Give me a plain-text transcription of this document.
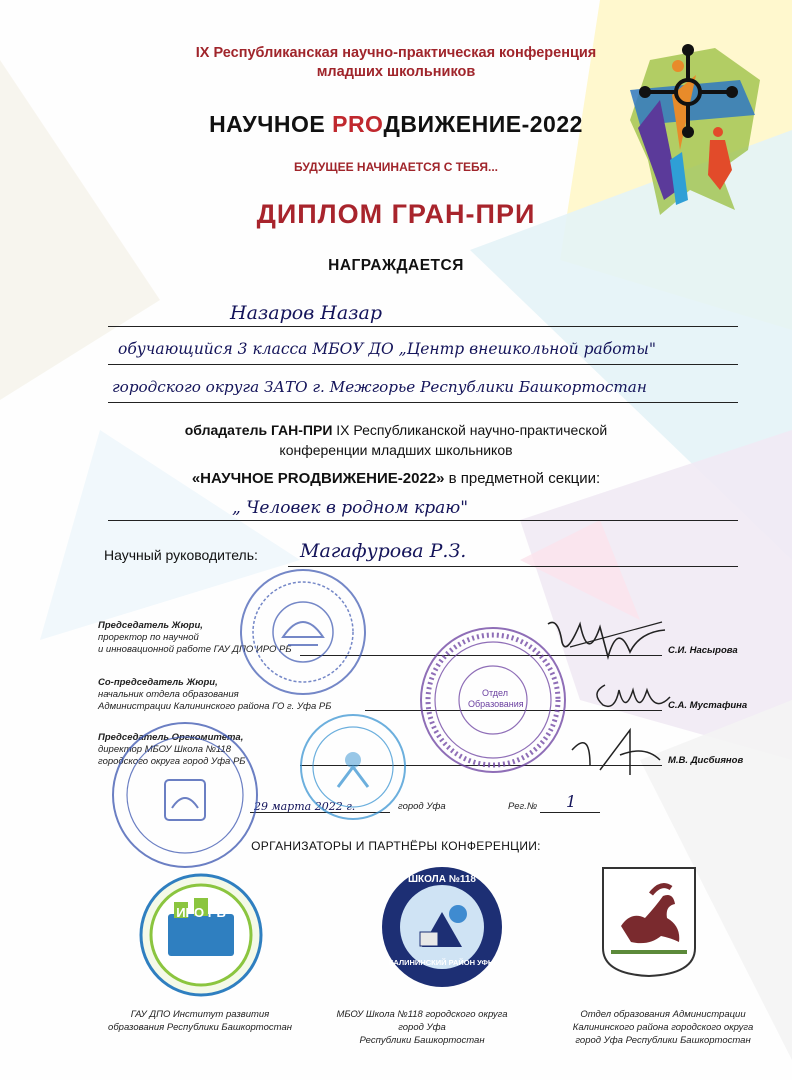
IX Республиканская научно-практическая конференция
младших школьников
НАУЧНОЕ PROДВИЖЕНИЕ-2022
БУДУЩЕЕ НАЧИНАЕТСЯ С ТЕБЯ...
ДИПЛОМ ГРАН-ПРИ
НАГРАЖДАЕТСЯ
Назаров Назар
обучающийся 3 класса МБОУ ДО „Центр внешкольной работы"
городского округа ЗАТО г. Межгорье Республики Башкортостан
обладатель ГАН-ПРИ IX Республиканской научно-практической
конференции младших школьников
«НАУЧНОЕ PROДВИЖЕНИЕ-2022» в предметной секции:
„ Человек в родном краю"
Научный руководитель: Магафурова Р.З.
Председатель Жюри,
проректор по научной
и инновационной работе ГАУ ДПО ИРО РБ	С.И. Насырова
Со-председатель Жюри,
начальник отдела образования
Администрации Калининского района ГО г. Уфа РБ	С.А. Мустафина
Председатель Оргкомитета,
директор МБОУ Школа №118
городского округа город Уфа РБ	М.В. Дисбиянов
29 марта 2022 г.	город Уфа	Рег.№ 1
Отдел Образования
ОРГАНИЗАТОРЫ И ПАРТНЁРЫ КОНФЕРЕНЦИИ:
ИРО РБ
ШКОЛА №118
КАЛИНИНСКИЙ РАЙОН УФЫ
ГАУ ДПО Институт развития
образования Республики Башкортостан
МБОУ Школа №118 городского округа
город Уфа
Республики Башкортостан
Отдел образования Администрации
Калининского района городского округа
город Уфа Республики Башкортостан
